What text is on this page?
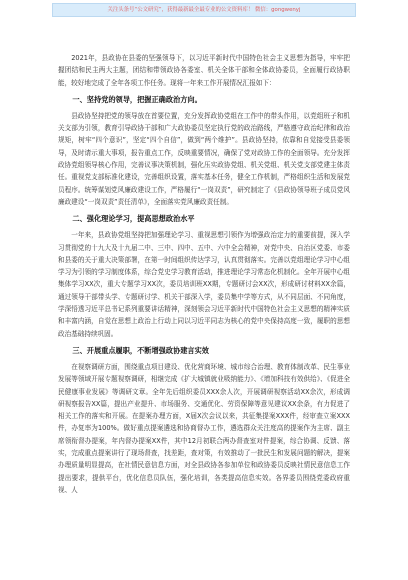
关注头条号“公文研究”，获得最新最全最专业的公文资料库！ 微信：gongwenyj

2021年，县政协在县委的坚强领导下，以习近平新时代中国特色社会主义思想为指导，牢牢把握团结和民主两大主题，团结和带领政协各委室、机关全体干部和全体政协委员，全面履行政协职能，较好地完成了全年各项工作任务。现将一年来工作开展情况汇报如下：

一、坚持党的领导，把握正确政治方向。

县政协坚持把党的领导放在首要位置，充分发挥政协党组在工作中的带头作用，以党组班子和机关支部为引领，教育引导政协干部和广大政协委员坚定执行党的政治路线，严格遵守政治纪律和政治规矩，树牢“四个意识”，坚定“四个自信”，做到“两个维护”。县政协坚持，依靠和自觉接受县委领导，及时请示重大事项，报告重点工作，反映重要情况，确保了党对政协工作的全面领导。充分发挥政协党组领导核心作用，完善议事决策机制，强化压实政协党组、机关党组、机关党支部党建主体责任。重视党支部标准化建设，完善组织设置，落实基本任务，健全工作机制，严格组织生活和发展党员程序。统筹谋划党风廉政建设工作，严格履行“一岗双责”，研究制定了《县政协领导班子成员党风廉政建设“一岗双责”责任清单》，全面落实党风廉政责任制。

二、强化理论学习，提高思想政治水平

一年来，县政协党组坚持把加强理论学习、重视思想引领作为增强政治定力的重要前提，深入学习贯彻党的十九大及十九届二中、三中、四中、五中、六中全会精神，对党中央、自治区党委、市委和县委的关于重大决策部署，在第一时间组织传达学习，认真贯彻落实。完善以党组理论学习中心组学习为引领的学习制度体系，综合党史学习教育活动，推进理论学习常态化机制化。全年开展中心组集体学习XX次，重大专题学习XX次，委员培训班XX期，专题研讨会XX次，形成研讨材料XX余篇，通过领导干部带头学、专题研讨学、机关干部深入学，委员集中学等方式，从不同层面、不同角度，学深悟透习近平总书记系列重要讲话精神，深刻领会习近平新时代中国特色社会主义思想的精神实质和丰富内涵，自觉在思想上政治上行动上同以习近平同志为核心的党中央保持高度一致，履职的思想政治基础持续巩固。

三、开展重点履职，不断增强政协建言实效

在视察调研方面，围绕重点项目建设、优化营商环境、城市综合治理、教育体制改革、民生事业发展等领域开展专题视察调研，相继完成《扩大城镇就业吸纳能力》、《增加科技有效供给》、《促进全民健康事业发展》等调研文章。全年先后组织委员XXX余人次，开展调研视察活动XX余次，形成调研视察报告XX篇，提出产业提升、市场服务、交通优化、劳资保障等意见建议XX余条，有力促进了相关工作的落实和开展。在提案办理方面，X届X次会议以来，共征集提案XXX件，经审查立案XXX件，办复率为100%。做好重点提案遴选和协商督办工作，遴选群众关注度高的提案作为主席、副主席领衔督办提案，年内督办提案XX件，其中12月初联合两办督查室对件提案，综合协调、反馈、落实，完成重点提案讲行了现场督查，找差距，查对策，有效推动了一批民生和发展问题的解决，提案办理质量明显提高，在社情民意信息方面，对全县政协各参加单位和政协委员反映社情民意信息工作提出要求，提供平台，优化信息员队伍，强化培训，各类提高信息实效。各界委员围绕党委政府重视、人
